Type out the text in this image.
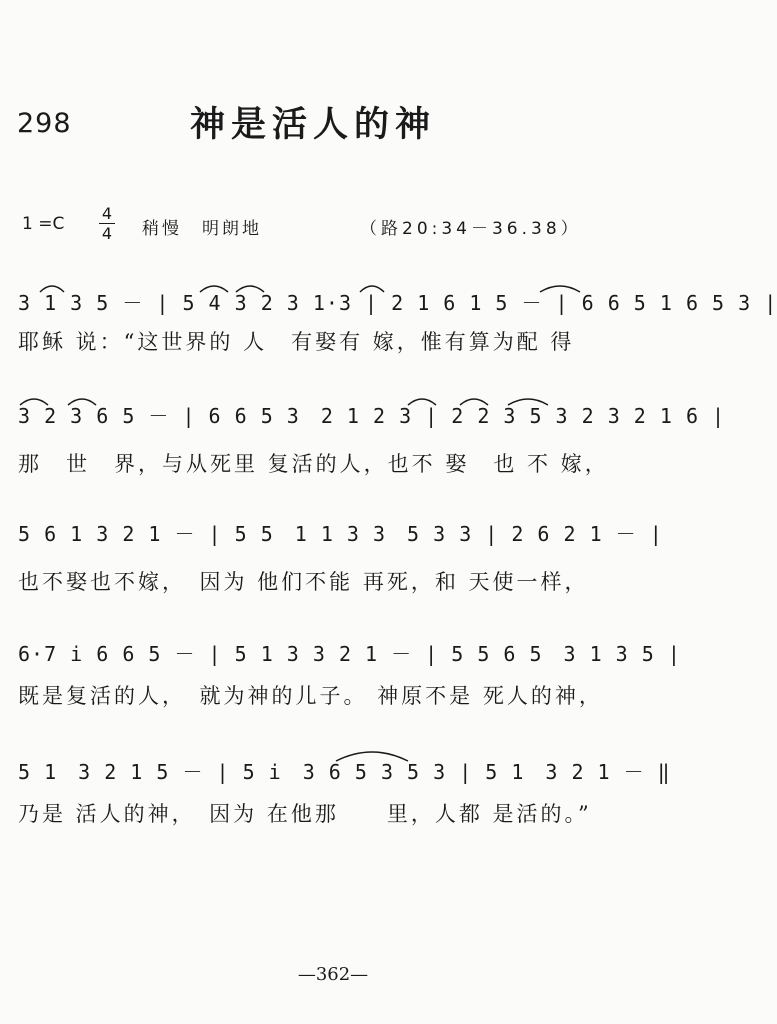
298	神是活人的神
1 =C
4
4 稍慢　明朗地	（路20:34－36.38）
3 1 3 5 － | 5 4 3 2 3 1·3 | 2 1 6 1 5 － | 6 6 5 1 6 5 3 |
耶稣 说：“这世界的 人　有娶有 嫁，惟有算为配 得
3 2 3 6 5 － | 6 6 5 3　2 1 2 3 | 2 2 3 5 3 2 3 2 1 6 |
那　世　界，与从死里 复活的人，也不 娶　也 不 嫁，
5 6 1 3 2 1 － | 5 5　1 1 3 3　5 3 3 | 2 6 2 1 － |
也不娶也不嫁，　因为 他们不能 再死，和 天使一样，
6·7 i 6 6 5 － | 5 1 3 3 2 1 － | 5 5 6 5　3 1 3 5 |
既是复活的人，　就为神的儿子。 神原不是 死人的神，
5 1　3 2 1 5 － | 5 i　3 6 5 3 5 3 | 5 1　3 2 1 － ‖
乃是 活人的神，　因为 在他那　　里，人都 是活的。”
—362—
